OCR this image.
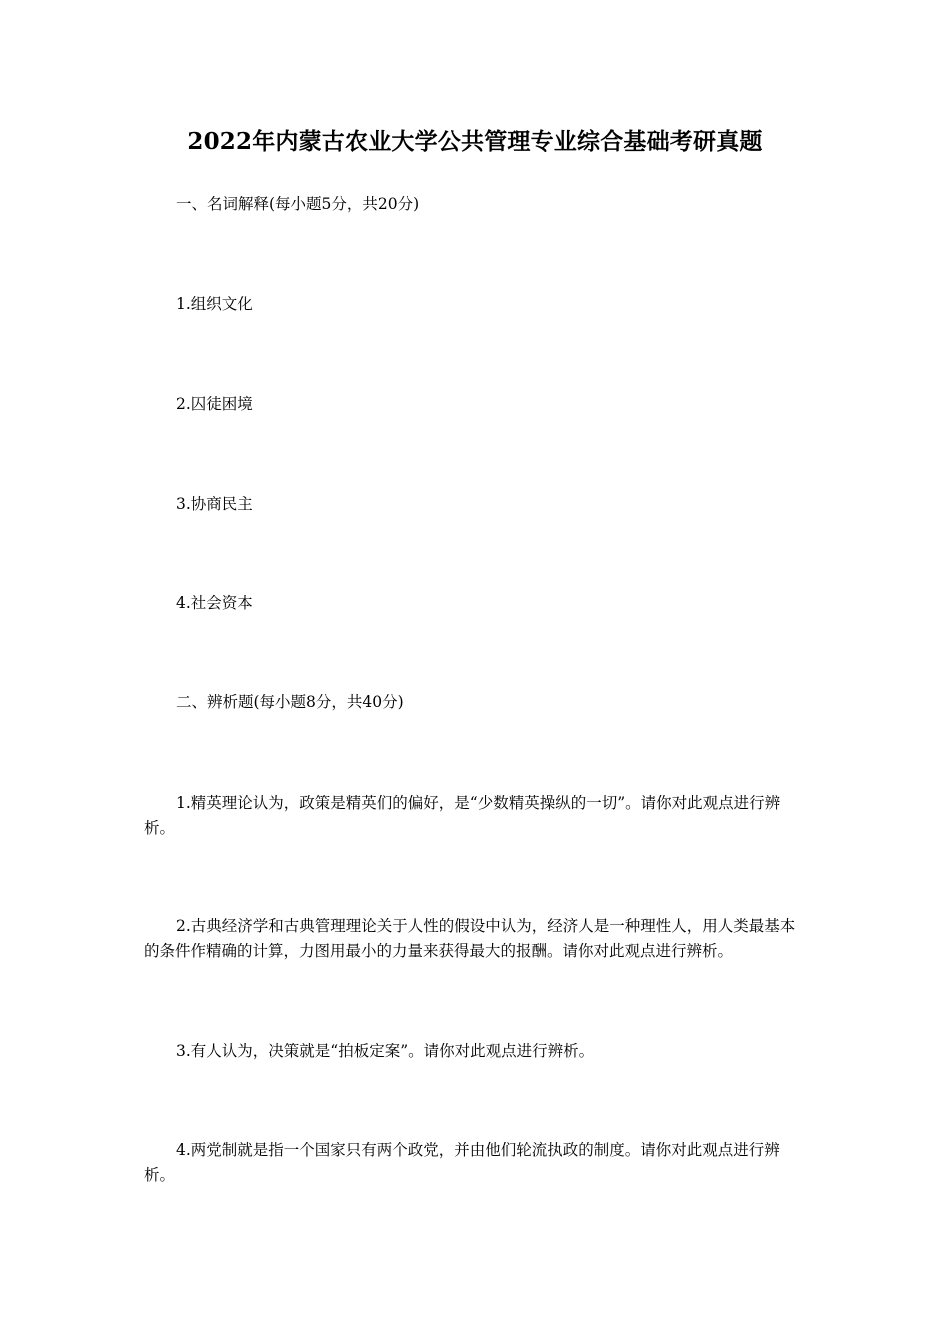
2022年内蒙古农业大学公共管理专业综合基础考研真题
一、名词解释(每小题5分，共20分)
1.组织文化
2.囚徒困境
3.协商民主
4.社会资本
二、辨析题(每小题8分，共40分)
1.精英理论认为，政策是精英们的偏好，是“少数精英操纵的一切”。请你对此观点进行辨析。
2.古典经济学和古典管理理论关于人性的假设中认为，经济人是一种理性人，用人类最基本的条件作精确的计算，力图用最小的力量来获得最大的报酬。请你对此观点进行辨析。
3.有人认为，决策就是“拍板定案”。请你对此观点进行辨析。
4.两党制就是指一个国家只有两个政党，并由他们轮流执政的制度。请你对此观点进行辨析。
